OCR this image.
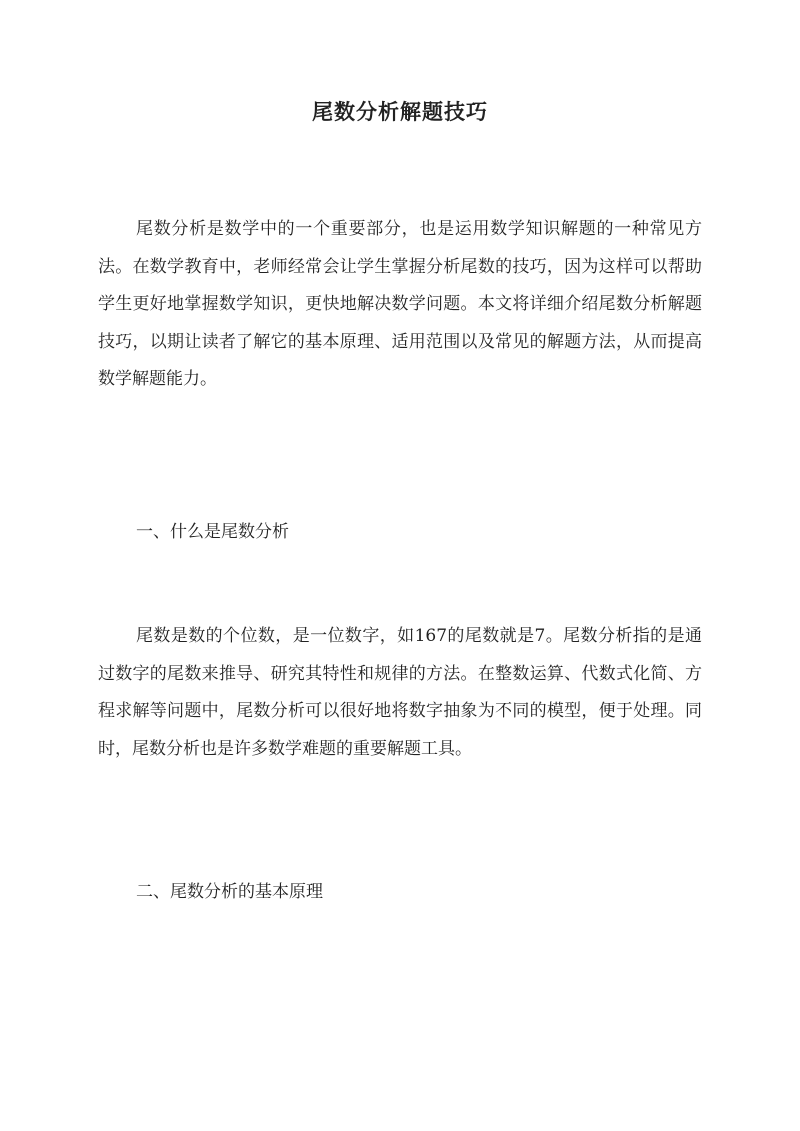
尾数分析解题技巧

尾数分析是数学中的一个重要部分，也是运用数学知识解题的一种常见方法。在数学教育中，老师经常会让学生掌握分析尾数的技巧，因为这样可以帮助学生更好地掌握数学知识，更快地解决数学问题。本文将详细介绍尾数分析解题技巧，以期让读者了解它的基本原理、适用范围以及常见的解题方法，从而提高数学解题能力。

一、什么是尾数分析

尾数是数的个位数，是一位数字，如167的尾数就是7。尾数分析指的是通过数字的尾数来推导、研究其特性和规律的方法。在整数运算、代数式化简、方程求解等问题中，尾数分析可以很好地将数字抽象为不同的模型，便于处理。同时，尾数分析也是许多数学难题的重要解题工具。

二、尾数分析的基本原理
